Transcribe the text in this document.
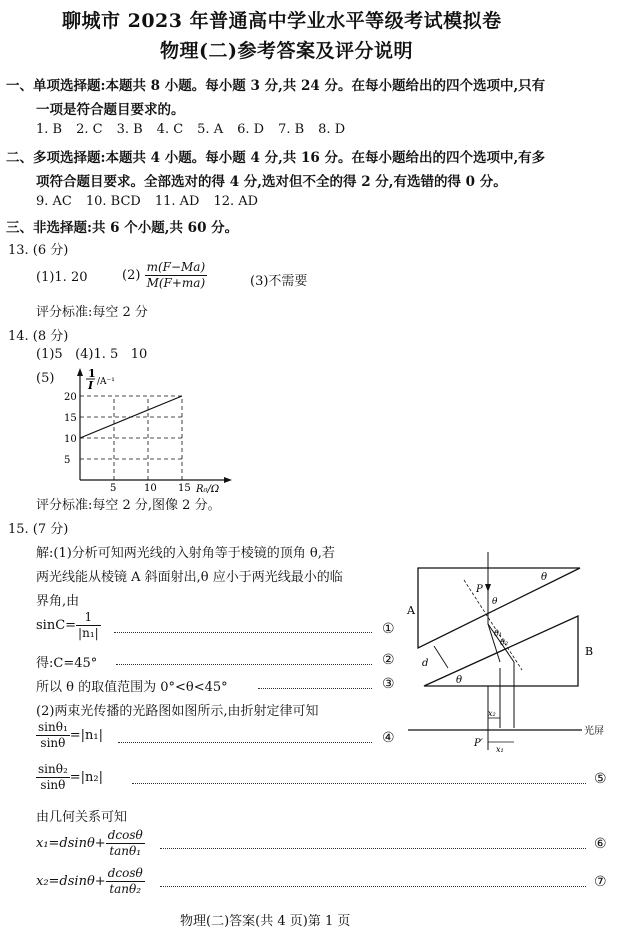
聊城市 2023 年普通高中学业水平等级考试模拟卷
物理(二)参考答案及评分说明
一、单项选择题:本题共 8 小题。每小题 3 分,共 24 分。在每小题给出的四个选项中,只有
一项是符合题目要求的。
1. B 2. C 3. B 4. C 5. A 6. D 7. B 8. D
二、多项选择题:本题共 4 小题。每小题 4 分,共 16 分。在每小题给出的四个选项中,有多
项符合题目要求。全部选对的得 4 分,选对但不全的得 2 分,有选错的得 0 分。
9. AC 10. BCD 11. AD 12. AD
三、非选择题:共 6 个小题,共 60 分。
13. (6 分)
(1)1. 20	$(2) \frac{m(F-Ma)}{M(F+ma)}$	(3)不需要
评分标准:每空 2 分
14. (8 分)
(1)5   (4)1. 5   10
(5)
5	10 15
5
10
15
20
1
I /A⁻¹
R₀/Ω
评分标准:每空 2 分,图像 2 分。
15. (7 分)
解:(1)分析可知两光线的入射角等于棱镜的顶角 θ,若
两光线能从棱镜 A 斜面射出,θ 应小于两光线最小的临
界角,由
$\sin C= \frac{1}{\text{|n₁|}}$	①
得:C=45°	②
所以 θ 的取值范围为 0°<θ<45°	③
(2)两束光传播的光路图如图所示,由折射定律可知
$\frac{\text{sinθ₁}}{\sin\theta} =|n_1|$	④
$\frac{\text{sinθ₂}}{\sin\theta} =|n_2|$	⑤
由几何关系可知
$x_1=dsin\theta+ \frac{dcos\theta}{\text{tanθ₁}}$	⑥
$x_2=dsin\theta+ \frac{dcos\theta}{\text{tanθ₂}}$	⑦
A
B
θ
θ
P
θ
θ₁
θ₂
d
P′
x₂
x₁
光屏
物理(二)答案(共 4 页)第 1 页
